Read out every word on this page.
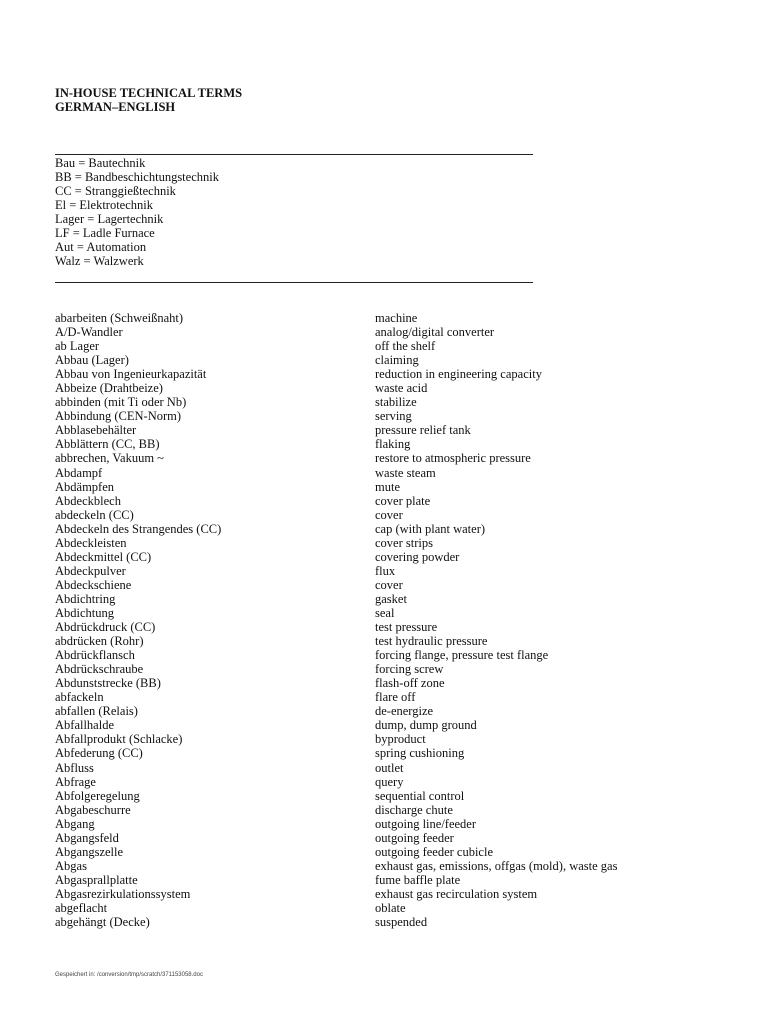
IN-HOUSE TECHNICAL TERMS
GERMAN–ENGLISH
Bau = Bautechnik
BB = Bandbeschichtungstechnik
CC = Stranggießtechnik
El = Elektrotechnik
Lager = Lagertechnik
LF = Ladle Furnace
Aut = Automation
Walz = Walzwerk
abarbeiten (Schweißnaht)	machine
A/D-Wandler	analog/digital converter
ab Lager	off the shelf
Abbau (Lager)	claiming
Abbau von Ingenieurkapazität	reduction in engineering capacity
Abbeize (Drahtbeize)	waste acid
abbinden (mit Ti oder Nb)	stabilize
Abbindung (CEN-Norm)	serving
Abblasebehälter	pressure relief tank
Abblättern (CC, BB)	flaking
abbrechen, Vakuum ~	restore to atmospheric pressure
Abdampf	waste steam
Abdämpfen	mute
Abdeckblech	cover plate
abdeckeln (CC)	cover
Abdeckeln des Strangendes (CC)	cap (with plant water)
Abdeckleisten	cover strips
Abdeckmittel (CC)	covering powder
Abdeckpulver	flux
Abdeckschiene	cover
Abdichtring	gasket
Abdichtung	seal
Abdrückdruck (CC)	test pressure
abdrücken (Rohr)	test hydraulic pressure
Abdrückflansch	forcing flange, pressure test flange
Abdrückschraube	forcing screw
Abdunststrecke (BB)	flash-off zone
abfackeln	flare off
abfallen (Relais)	de-energize
Abfallhalde	dump, dump ground
Abfallprodukt (Schlacke)	byproduct
Abfederung (CC)	spring cushioning
Abfluss	outlet
Abfrage	query
Abfolgeregelung	sequential control
Abgabeschurre	discharge chute
Abgang	outgoing line/feeder
Abgangsfeld	outgoing feeder
Abgangszelle	outgoing feeder cubicle
Abgas	exhaust gas, emissions, offgas (mold), waste gas
Abgasprallplatte	fume baffle plate
Abgasrezirkulationssystem	exhaust gas recirculation system
abgeflacht	oblate
abgehängt (Decke)	suspended
Gespeichert in: /conversion/tmp/scratch/371153058.doc
